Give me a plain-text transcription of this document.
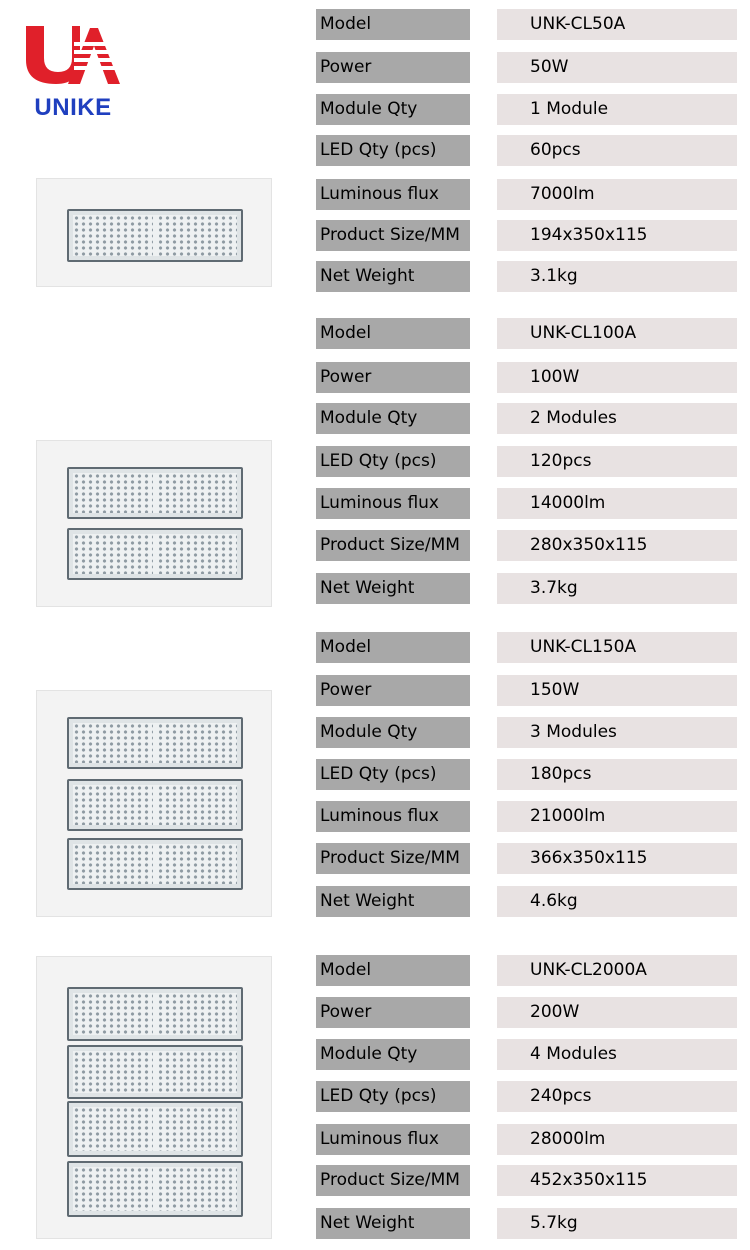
UNIKE
Model	UNK-CL50A
Power	50W
Module Qty	1 Module
LED Qty (pcs)	60pcs
Luminous flux	7000lm
Product Size/MM	194x350x115
Net Weight	3.1kg
Model	UNK-CL100A
Power	100W
Module Qty	2 Modules
LED Qty (pcs)	120pcs
Luminous flux	14000lm
Product Size/MM	280x350x115
Net Weight	3.7kg
Model	UNK-CL150A
Power	150W
Module Qty	3 Modules
LED Qty (pcs)	180pcs
Luminous flux	21000lm
Product Size/MM	366x350x115
Net Weight	4.6kg
Model	UNK-CL2000A
Power	200W
Module Qty	4 Modules
LED Qty (pcs)	240pcs
Luminous flux	28000lm
Product Size/MM	452x350x115
Net Weight	5.7kg
